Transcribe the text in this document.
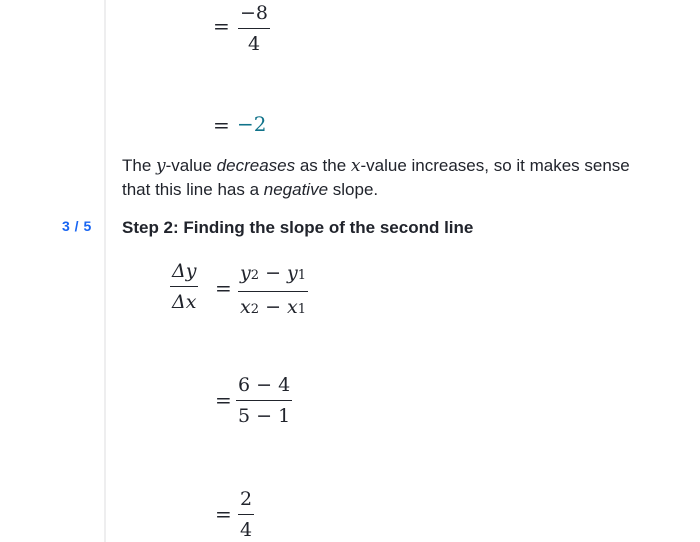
=
−8
4
= −2
The y-value decreases as the x-value increases, so it makes sense that this line has a negative slope.
3 / 5 Step 2: Finding the slope of the second line
Δy
Δx
=
y2 − y1
x2 − x1
=
6 − 4
5 − 1
=
2
4
